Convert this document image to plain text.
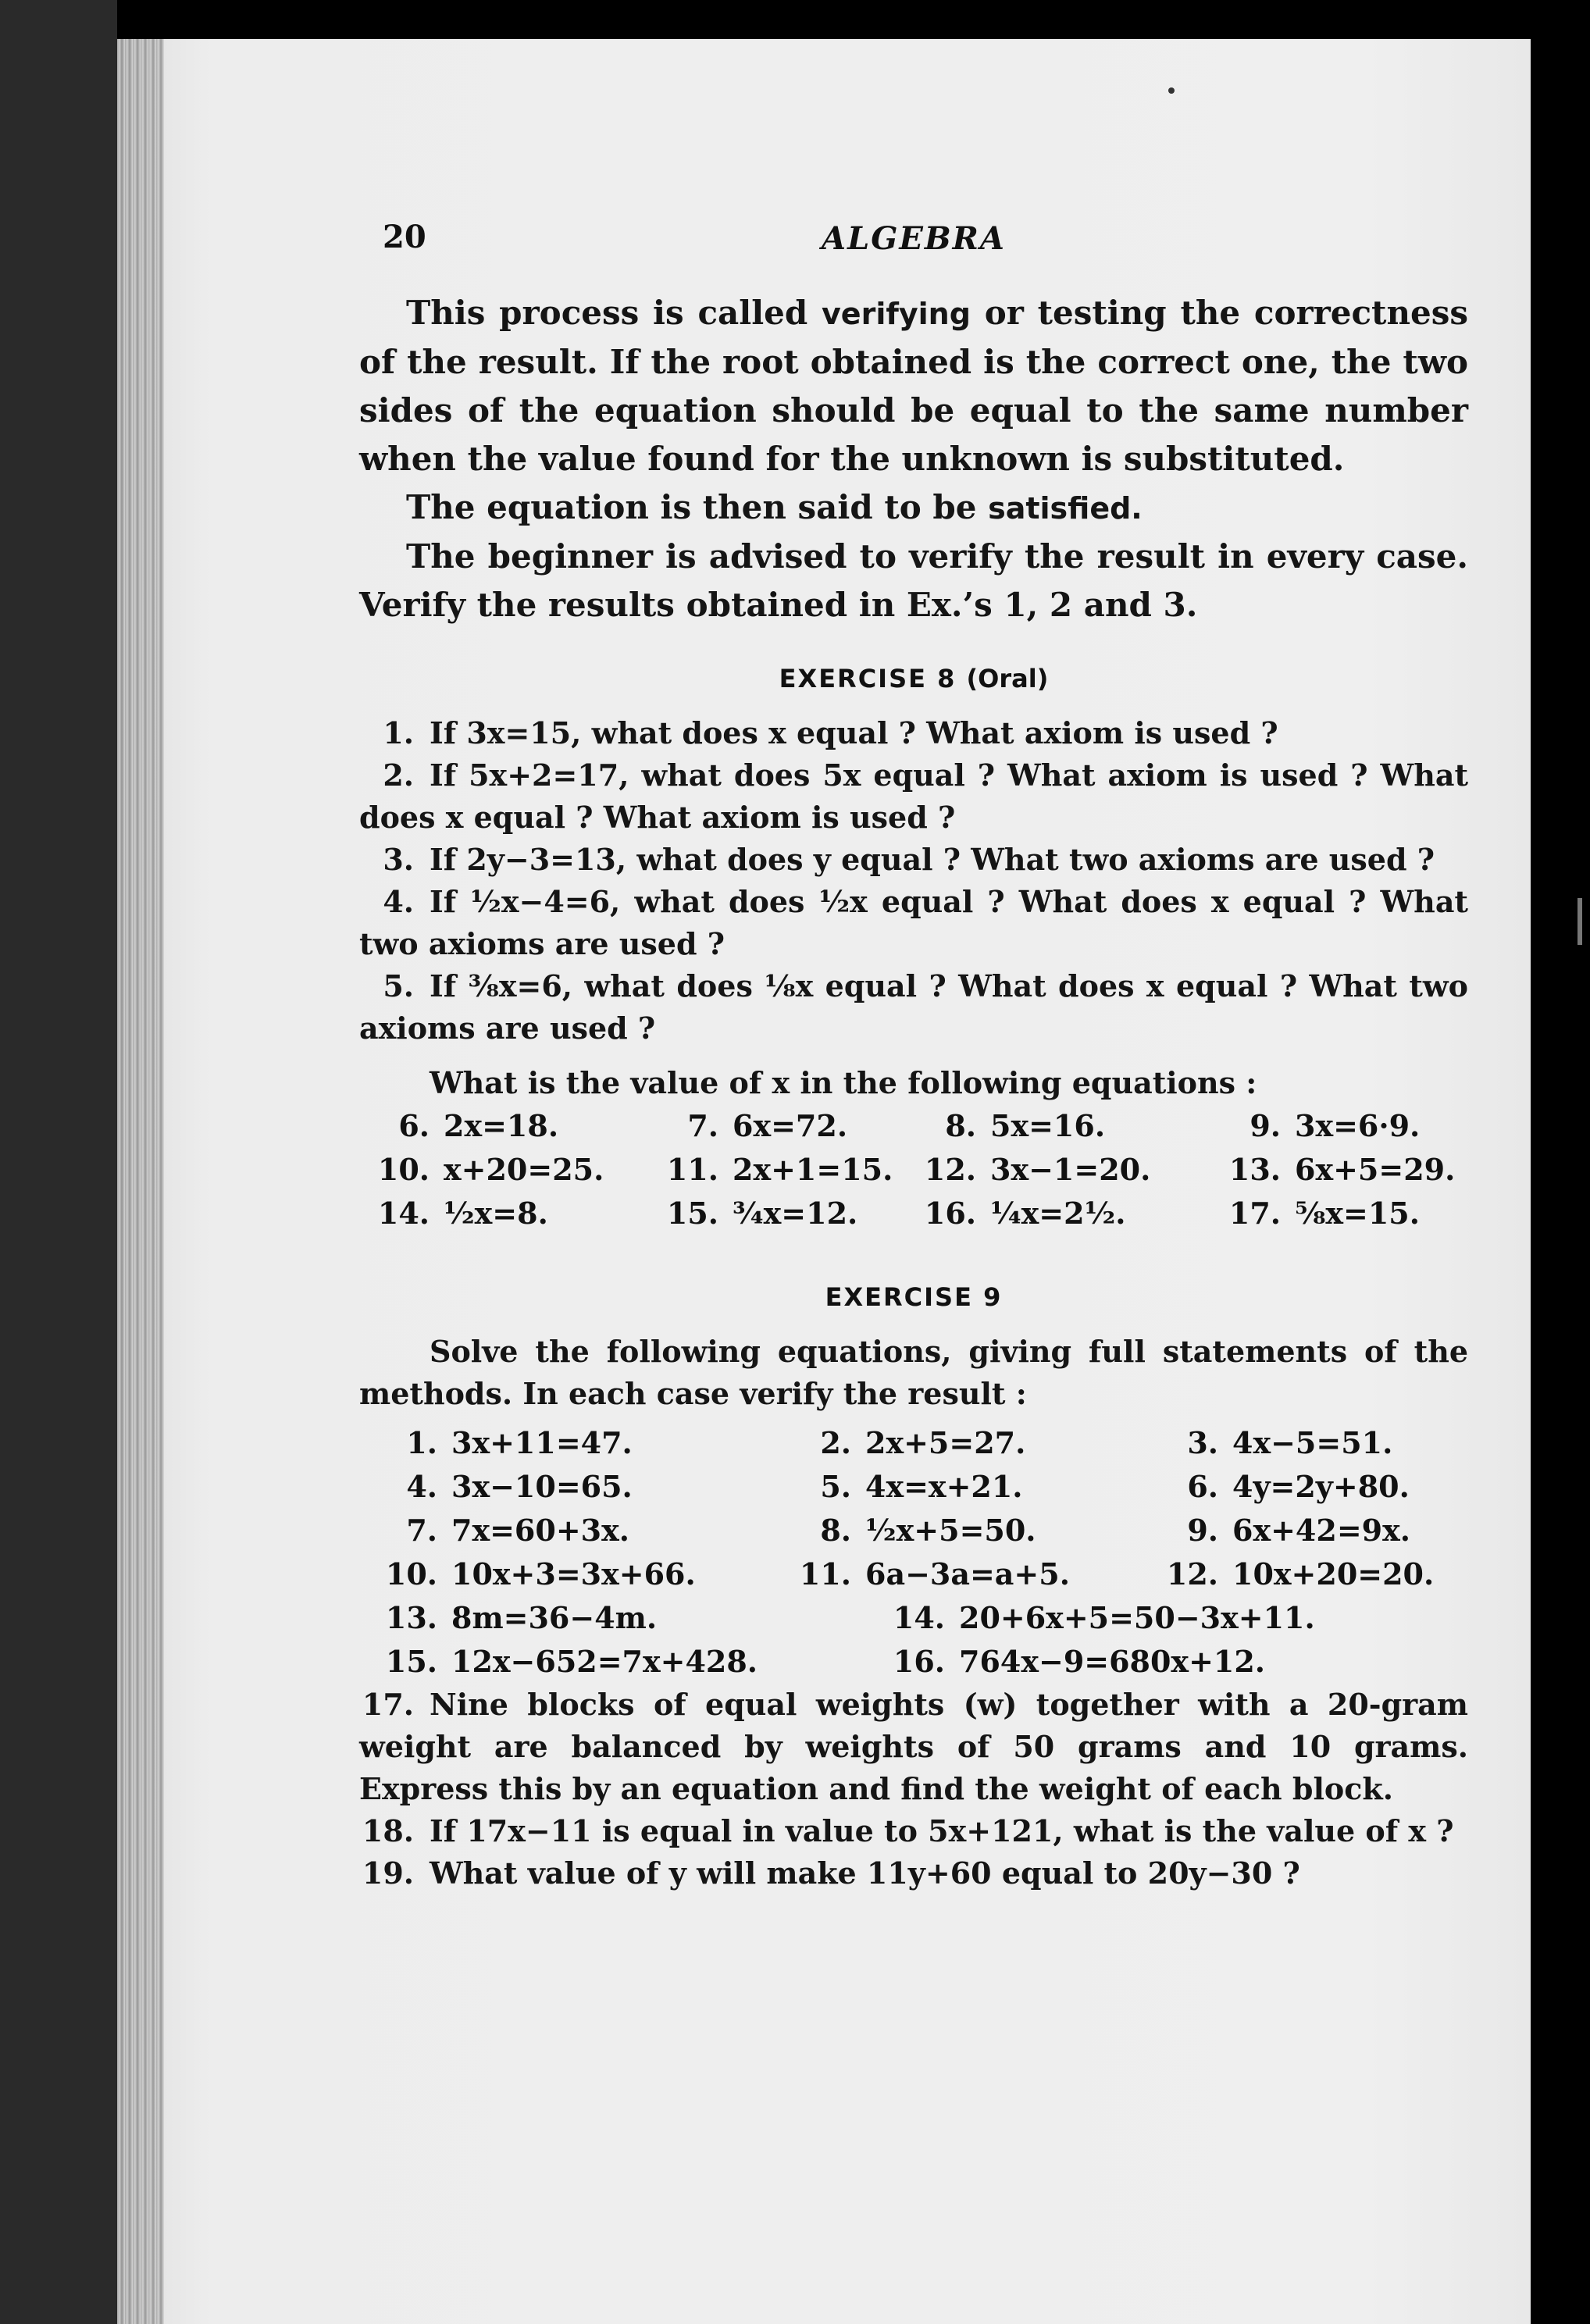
20	ALGEBRA

This process is called verifying or testing the correctness of the result. If the root obtained is the correct one, the two sides of the equation should be equal to the same number when the value found for the unknown is substituted.

The equation is then said to be satisfied.

The beginner is advised to verify the result in every case. Verify the results obtained in Ex.’s 1, 2 and 3.

EXERCISE 8 (Oral)

1. If 3x=15, what does x equal ? What axiom is used ?

2. If 5x+2=17, what does 5x equal ? What axiom is used ? What does x equal ? What axiom is used ?

3. If 2y−3=13, what does y equal ? What two axioms are used ?

4. If ½x−4=6, what does ½x equal ? What does x equal ? What two axioms are used ?

5. If ⅜x=6, what does ⅛x equal ? What does x equal ? What two axioms are used ?

What is the value of x in the following equations :

6. 2x=18.	7. 6x=72.	8. 5x=16.	9. 3x=6·9.
10. x+20=25.	11. 2x+1=15.	12. 3x−1=20.	13. 6x+5=29.
14. ½x=8.	15. ¾x=12.	16. ¼x=2½.	17. ⅝x=15.
EXERCISE 9

Solve the following equations, giving full statements of the methods. In each case verify the result :

1. 3x+11=47.	2. 2x+5=27.	3. 4x−5=51.
4. 3x−10=65.	5. 4x=x+21.	6. 4y=2y+80.
7. 7x=60+3x.	8. ½x+5=50.	9. 6x+42=9x.
10. 10x+3=3x+66.	11. 6a−3a=a+5.	12. 10x+20=20.
13. 8m=36−4m.	14. 20+6x+5=50−3x+11.
15. 12x−652=7x+428.	16. 764x−9=680x+12.

17. Nine blocks of equal weights (w) together with a 20-gram weight are balanced by weights of 50 grams and 10 grams. Express this by an equation and find the weight of each block.

18. If 17x−11 is equal in value to 5x+121, what is the value of x ?

19. What value of y will make 11y+60 equal to 20y−30 ?
